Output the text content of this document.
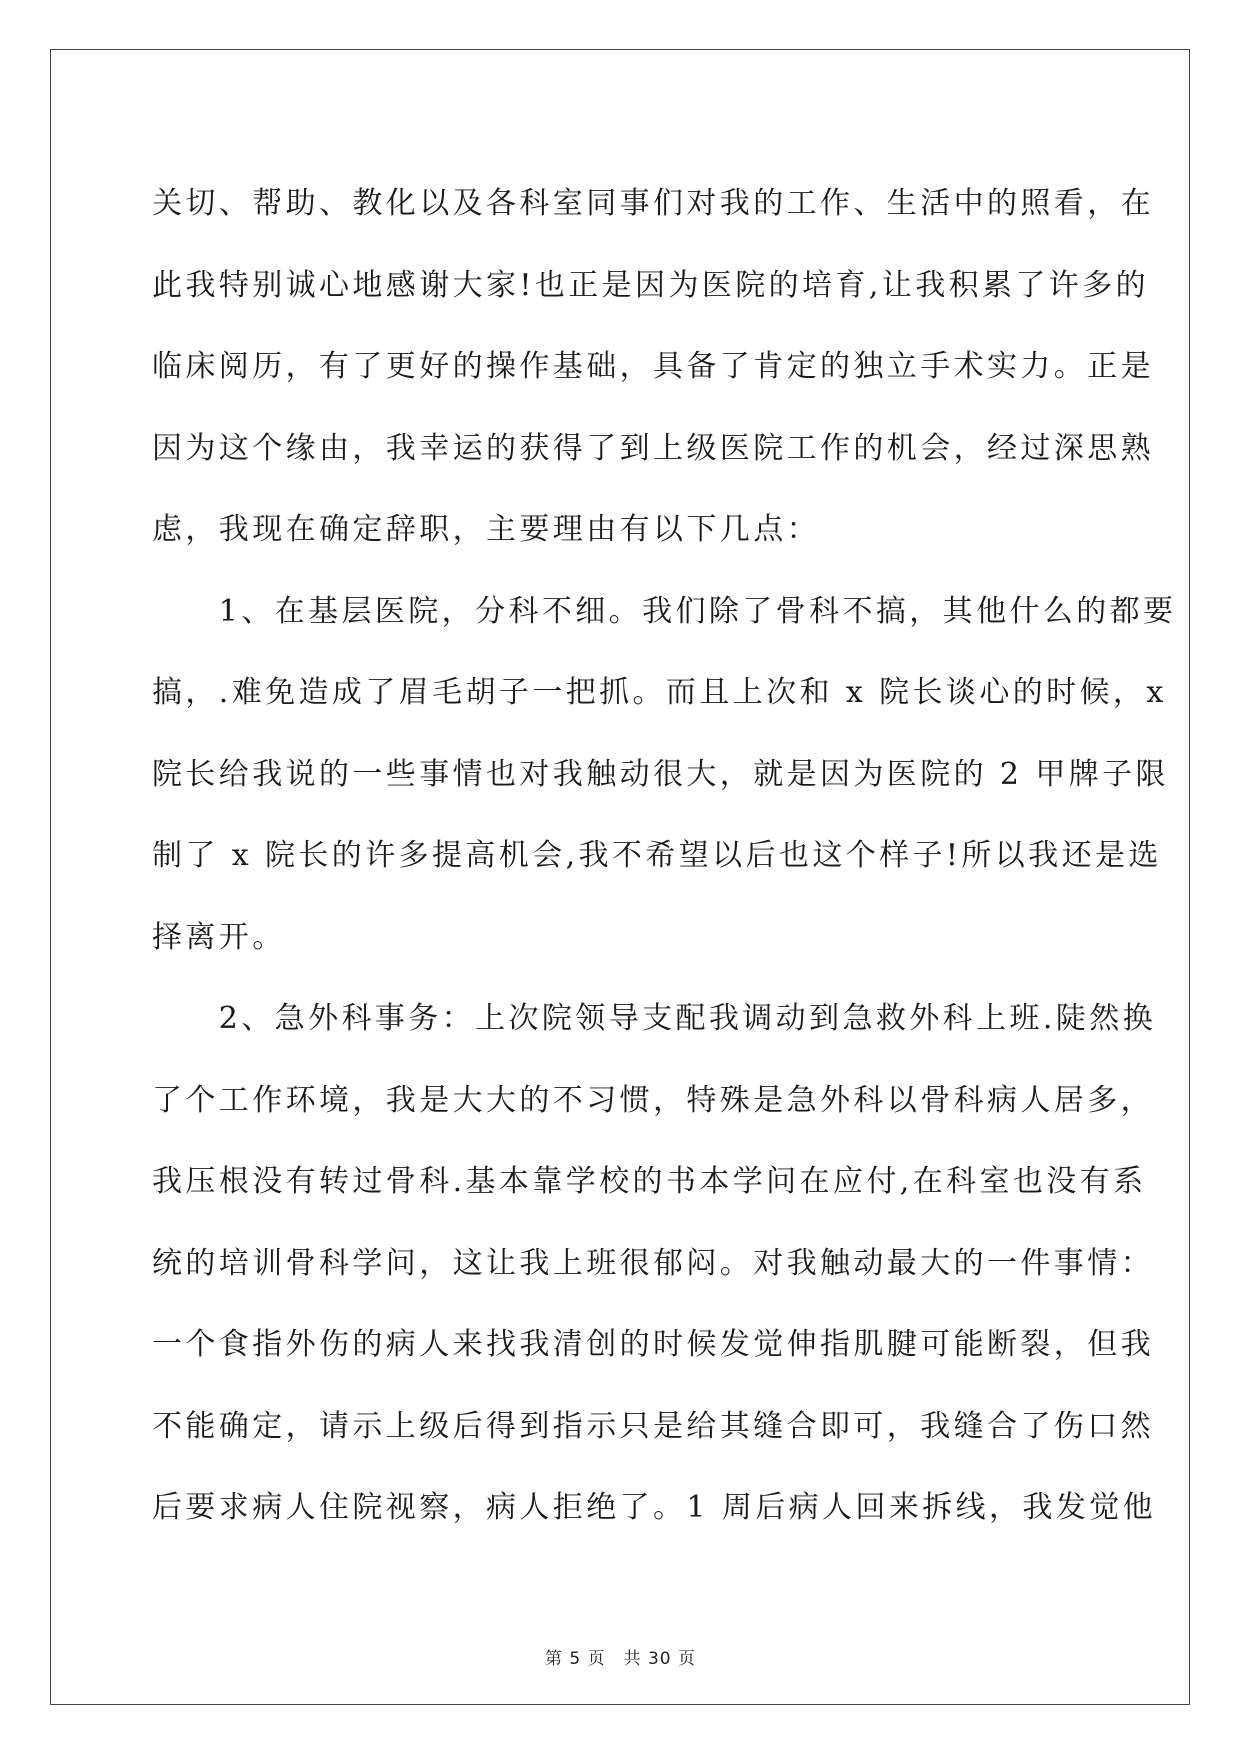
关切、帮助、教化以及各科室同事们对我的工作、生活中的照看，在
此我特别诚心地感谢大家!也正是因为医院的培育,让我积累了许多的
临床阅历，有了更好的操作基础，具备了肯定的独立手术实力。正是
因为这个缘由，我幸运的获得了到上级医院工作的机会，经过深思熟
虑，我现在确定辞职，主要理由有以下几点：
　　1、在基层医院，分科不细。我们除了骨科不搞，其他什么的都要
搞，.难免造成了眉毛胡子一把抓。而且上次和 x 院长谈心的时候，x
院长给我说的一些事情也对我触动很大，就是因为医院的 2 甲牌子限
制了 x 院长的许多提高机会,我不希望以后也这个样子!所以我还是选
择离开。
　　2、急外科事务：上次院领导支配我调动到急救外科上班.陡然换
了个工作环境，我是大大的不习惯，特殊是急外科以骨科病人居多，
我压根没有转过骨科.基本靠学校的书本学问在应付,在科室也没有系
统的培训骨科学问，这让我上班很郁闷。对我触动最大的一件事情：
一个食指外伤的病人来找我清创的时候发觉伸指肌腱可能断裂，但我
不能确定，请示上级后得到指示只是给其缝合即可，我缝合了伤口然
后要求病人住院视察，病人拒绝了。1 周后病人回来拆线，我发觉他
第 5 页 共 30 页
